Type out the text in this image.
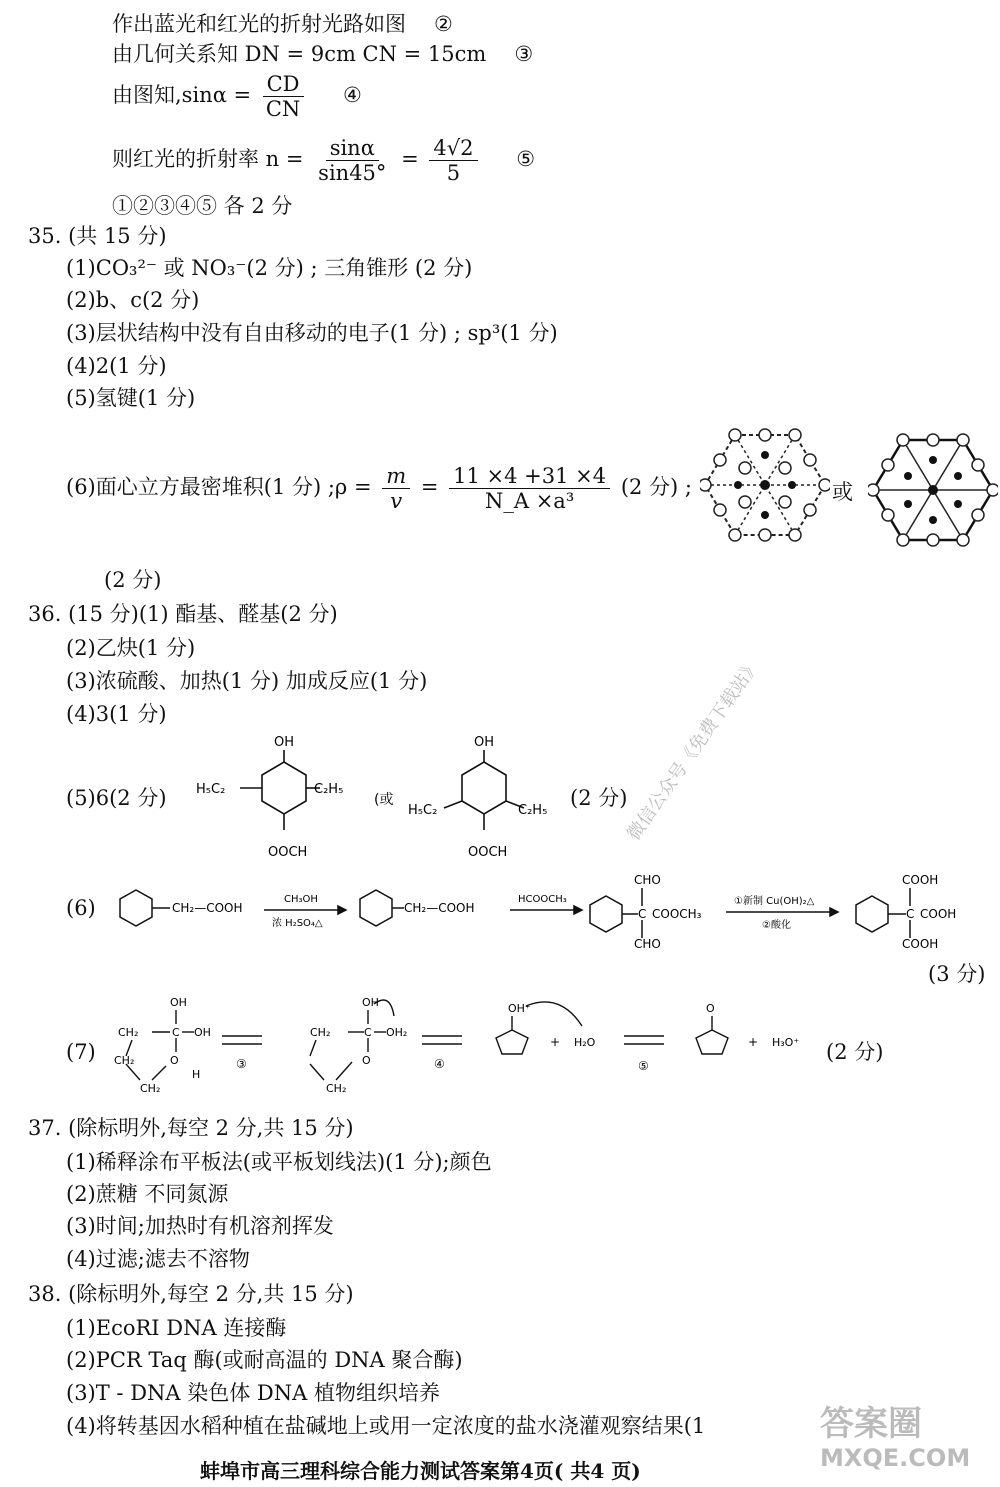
作出蓝光和红光的折射光路如图 ②
由几何关系知 DN = 9cm CN = 15cm ③
由图知$,\sin\alpha = \frac{CD}{CN}$ ④
则红光的折射率 $n = \frac{\sin\alpha}{\sin 45^\circ} = \frac{4√2}{5}$ ⑤
①②③④⑤ 各 2 分
35. (共 15 分)
(1)CO₃²⁻ 或 NO₃⁻(2 分) ; 三角锥形 (2 分)
(2)b、c(2 分)
(3)层状结构中没有自由移动的电子(1 分) ; sp³(1 分)
(4)2(1 分)
(5)氢键(1 分)
(6)面心立方最密堆积(1 分) ;ρ = $\frac{m}{v} = \frac{11 \times 4 +31 \times 4}{\text{N\_A ×a³}} (2$ 分) ;	或
(2 分)
36. (15 分)(1) 酯基、醛基(2 分)
(2)乙炔(1 分)
(3)浓硫酸、加热(1 分) 加成反应(1 分)
(4)3(1 分)
(5)6(2 分)
OH
H₅C₂	C₂H₅
OOCH
(或
OH
H₅C₂	C₂H₅
OOCH
(2 分)
(6)	CH₂—COOH
CH₃OH
浓 H₂SO₄△
CH₂—COOH
HCOOCH₃
CHO
C COOCH₃
CHO
①新制 Cu(OH)₂△
②酸化
COOH
C COOH
COOH
(3 分)
(7)
OH
CH₂	C OH
O
H
CH₂
CH₂
③
OH
CH₂	C OH₂
O
CH₂
④
OH⁺
+ H₂O
⑤
O
+ H₃O⁺ (2 分)
37. (除标明外,每空 2 分,共 15 分)
(1)稀释涂布平板法(或平板划线法)(1 分);颜色
(2)蔗糖 不同氮源
(3)时间;加热时有机溶剂挥发
(4)过滤;滤去不溶物
38. (除标明外,每空 2 分,共 15 分)
(1)EcoRI DNA 连接酶
(2)PCR Taq 酶(或耐高温的 DNA 聚合酶)
(3)T - DNA 染色体 DNA 植物组织培养
(4)将转基因水稻种植在盐碱地上或用一定浓度的盐水浇灌观察结果(1
蚌埠市高三理科综合能力测试答案第4页( 共4 页)
答案圈
MXQE.COM
微信公众号《免费下载站》
